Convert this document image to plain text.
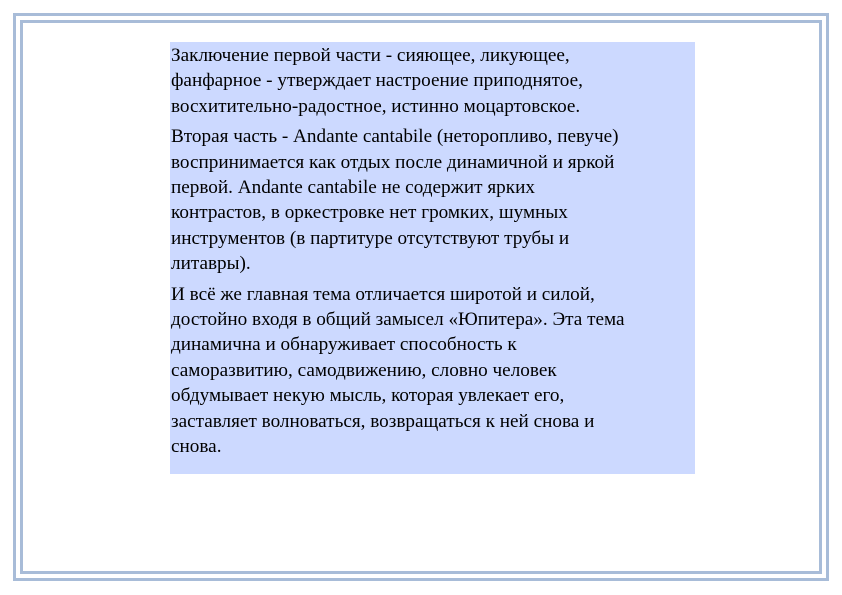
Заключение первой части - сияющее, ликующее,
фанфарное - утверждает настроение приподнятое,
восхитительно-радостное, истинно моцартовское.

Вторая часть - Andante cantabile (неторопливо, певуче)
воспринимается как отдых после динамичной и яркой
первой. Andante cantabile не содержит ярких
контрастов, в оркестровке нет громких, шумных
инструментов (в партитуре отсутствуют трубы и
литавры).

И всё же главная тема отличается широтой и силой,
достойно входя в общий замысел «Юпитера». Эта тема
динамична и обнаруживает способность к
саморазвитию, самодвижению, словно человек
обдумывает некую мысль, которая увлекает его,
заставляет волноваться, возвращаться к ней снова и
снова.
